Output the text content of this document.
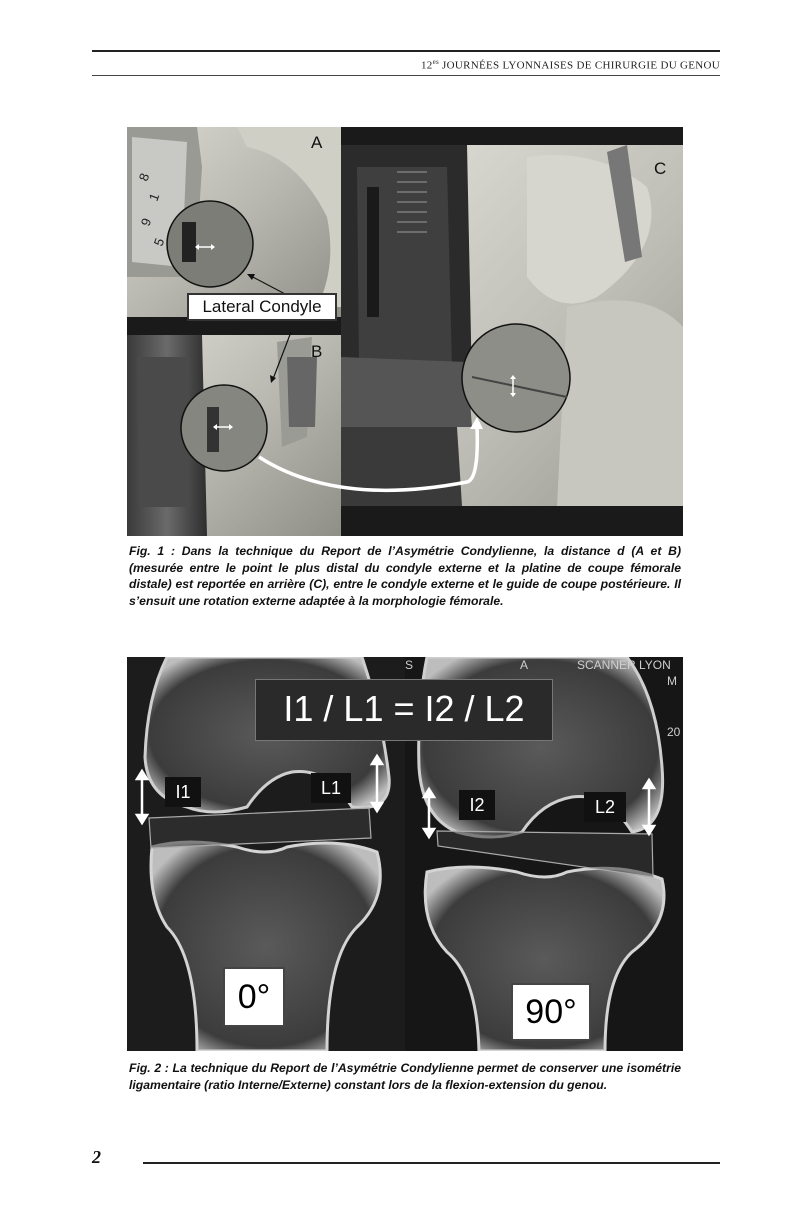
$12^{es}$ JOURNÉES LYONNAISES DE CHIRURGIE DU GENOU
8
1
9
5
A
B
C
Lateral Condyle

Fig. 1 : Dans la technique du Report de l’Asymétrie Condylienne, la distance d (A et B) (mesurée entre le point le plus distal du condyle externe et la platine de coupe fémorale distale) est reportée en arrière (C), entre le condyle externe et le guide de coupe postérieure. Il s’ensuit une rotation externe adaptée à la morphologie fémorale.

I1 / L1 = I2 / L2
I1	L1
I2	L2
0°	90°
S	A	SCANNER LYON
M
20

Fig. 2 : La technique du Report de l’Asymétrie Condylienne permet de conserver une isométrie ligamentaire (ratio Interne/Externe) constant lors de la flexion-extension du genou.

2
